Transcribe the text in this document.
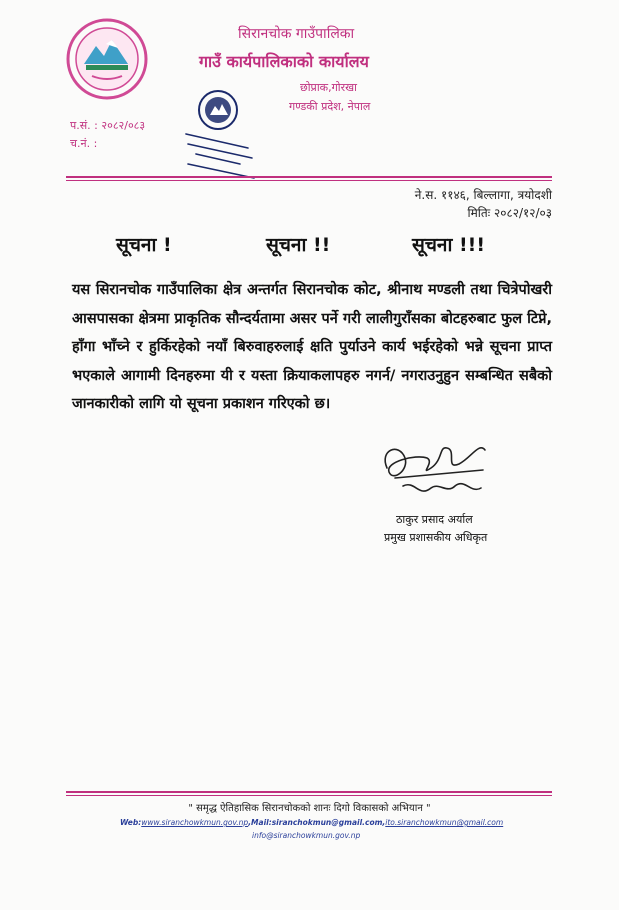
सिरानचोक गाउँपालिका
गाउँ कार्यपालिकाको कार्यालय
छोप्राक,गोरखा
गण्डकी प्रदेश, नेपाल
प.सं. : २०८२/०८३
च.नं. :
ने.स. ११४६, बिल्लागा, त्रयोदशी
मितिः २०८२/१२/०३
सूचना !	सूचना !!	सूचना !!!
यस सिरानचोक गाउँपालिका क्षेत्र अन्तर्गत सिरानचोक कोट, श्रीनाथ मण्डली तथा चित्रेपोखरी आसपासका क्षेत्रमा प्राकृतिक सौन्दर्यतामा असर पर्ने गरी लालीगुराँसका बोटहरुबाट फुल टिप्ने, हाँगा भाँच्ने र हुर्किरहेको नयाँ बिरुवाहरुलाई क्षति पुर्याउने कार्य भईरहेको भन्ने सूचना प्राप्त भएकाले आगामी दिनहरुमा यी र यस्ता क्रियाकलापहरु नगर्न/ नगराउनुहुन सम्बन्धित सबैको जानकारीको लागि यो सूचना प्रकाशन गरिएको छ।
ठाकुर प्रसाद अर्याल
प्रमुख प्रशासकीय अधिकृत
" समृद्ध ऐतिहासिक सिरानचोकको शानः दिगो विकासको अभियान "
Web:www.siranchowkmun.gov.np,Mail:siranchokmun@gmail.com,ito.siranchowkmun@gmail.com
info@siranchowkmun.gov.np
